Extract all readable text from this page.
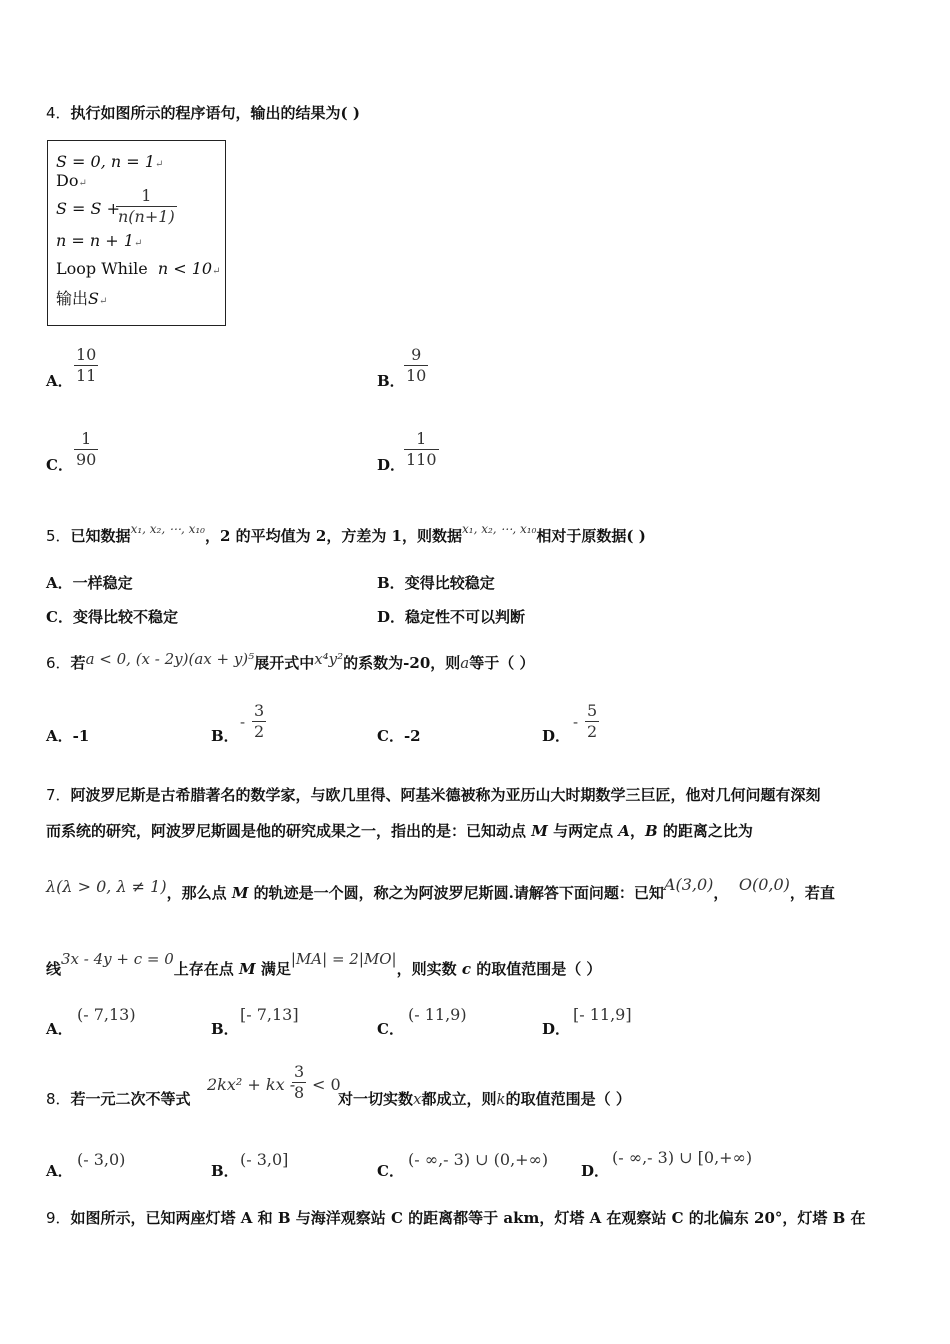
4．执行如图所示的程序语句，输出的结果为( )
S = 0, n = 1↵
Do↵
S = S +
1
n(n+1)
n = n + 1↵
Loop While n < 10↵
输出S↵
A．
10
11	B．
9
10
C．
1
90	D．
1
110
5．已知数据$^{x_1, x_2, \cdots, x_{10}}$，2 的平均值为 2，方差为 1，则数据$^{x_1, x_2, \cdots, x_{10}}$相对于原数据( )
A．一样稳定	B．变得比较稳定
C．变得比较不稳定	D．稳定性不可以判断
6．若a < 0, (x - 2y)(ax + y)⁵展开式中x⁴y²的系数为-20，则a等于（ ）
A．-1	B．
-
3
2	C．-2	D．
-
5
2
7．阿波罗尼斯是古希腊著名的数学家，与欧几里得、阿基米德被称为亚历山大时期数学三巨匠，他对几何问题有深刻
而系统的研究，阿波罗尼斯圆是他的研究成果之一，指出的是：已知动点 M 与两定点 A，B 的距离之比为
λ(λ > 0, λ ≠ 1)，那么点 M 的轨迹是一个圆，称之为阿波罗尼斯圆.请解答下面问题：已知A(3,0)， O(0,0)，若直
线3x - 4y + c = 0上存在点 M 满足|MA| = 2|MO|，则实数 c 的取值范围是（ ）
A．
(- 7,13)
B．
[- 7,13]
C．
(- 11,9)
D．
[- 11,9]
8．若一元二次不等式
2kx² + kx -
3
8 < 0
对一切实数x都成立，则k的取值范围是（ ）
A．
(- 3,0)
B．
(- 3,0]
C．
(- ∞,- 3) ∪ (0,+∞)
D．
(- ∞,- 3) ∪ [0,+∞)
9．如图所示，已知两座灯塔 A 和 B 与海洋观察站 C 的距离都等于 akm，灯塔 A 在观察站 C 的北偏东 20°，灯塔 B 在
